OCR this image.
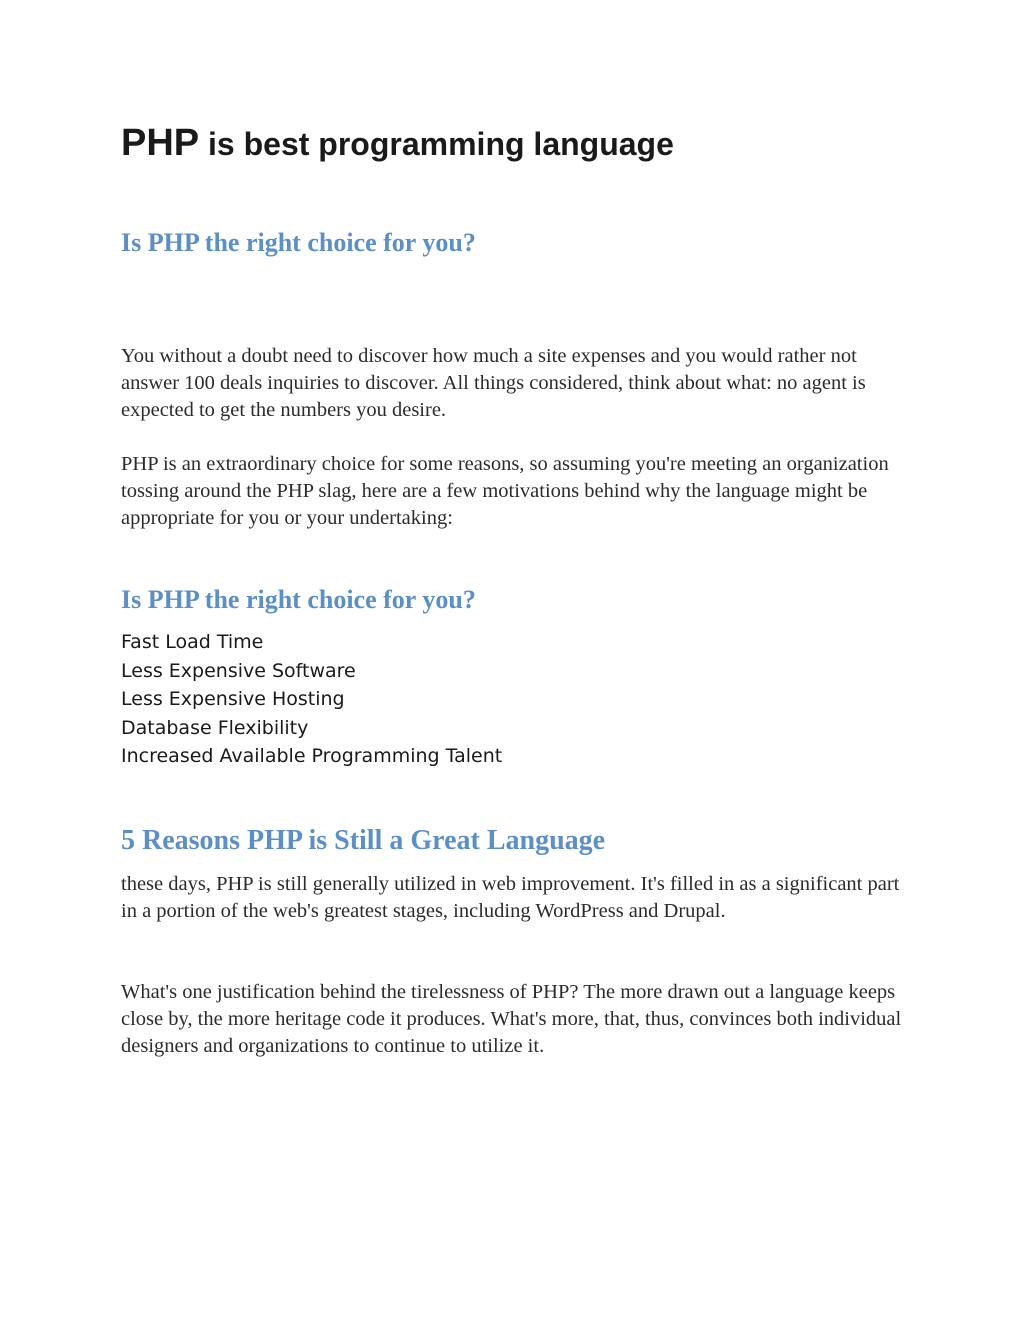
PHP is best programming language
Is PHP the right choice for you?

You without a doubt need to discover how much a site expenses and you would rather not answer 100 deals inquiries to discover. All things considered, think about what: no agent is expected to get the numbers you desire.

PHP is an extraordinary choice for some reasons, so assuming you're meeting an organization tossing around the PHP slag, here are a few motivations behind why the language might be appropriate for you or your undertaking:

Is PHP the right choice for you?
Fast Load Time
Less Expensive Software
Less Expensive Hosting
Database Flexibility
Increased Available Programming Talent
5 Reasons PHP is Still a Great Language

these days, PHP is still generally utilized in web improvement. It's filled in as a significant part in a portion of the web's greatest stages, including WordPress and Drupal.

What's one justification behind the tirelessness of PHP? The more drawn out a language keeps close by, the more heritage code it produces. What's more, that, thus, convinces both individual designers and organizations to continue to utilize it.
